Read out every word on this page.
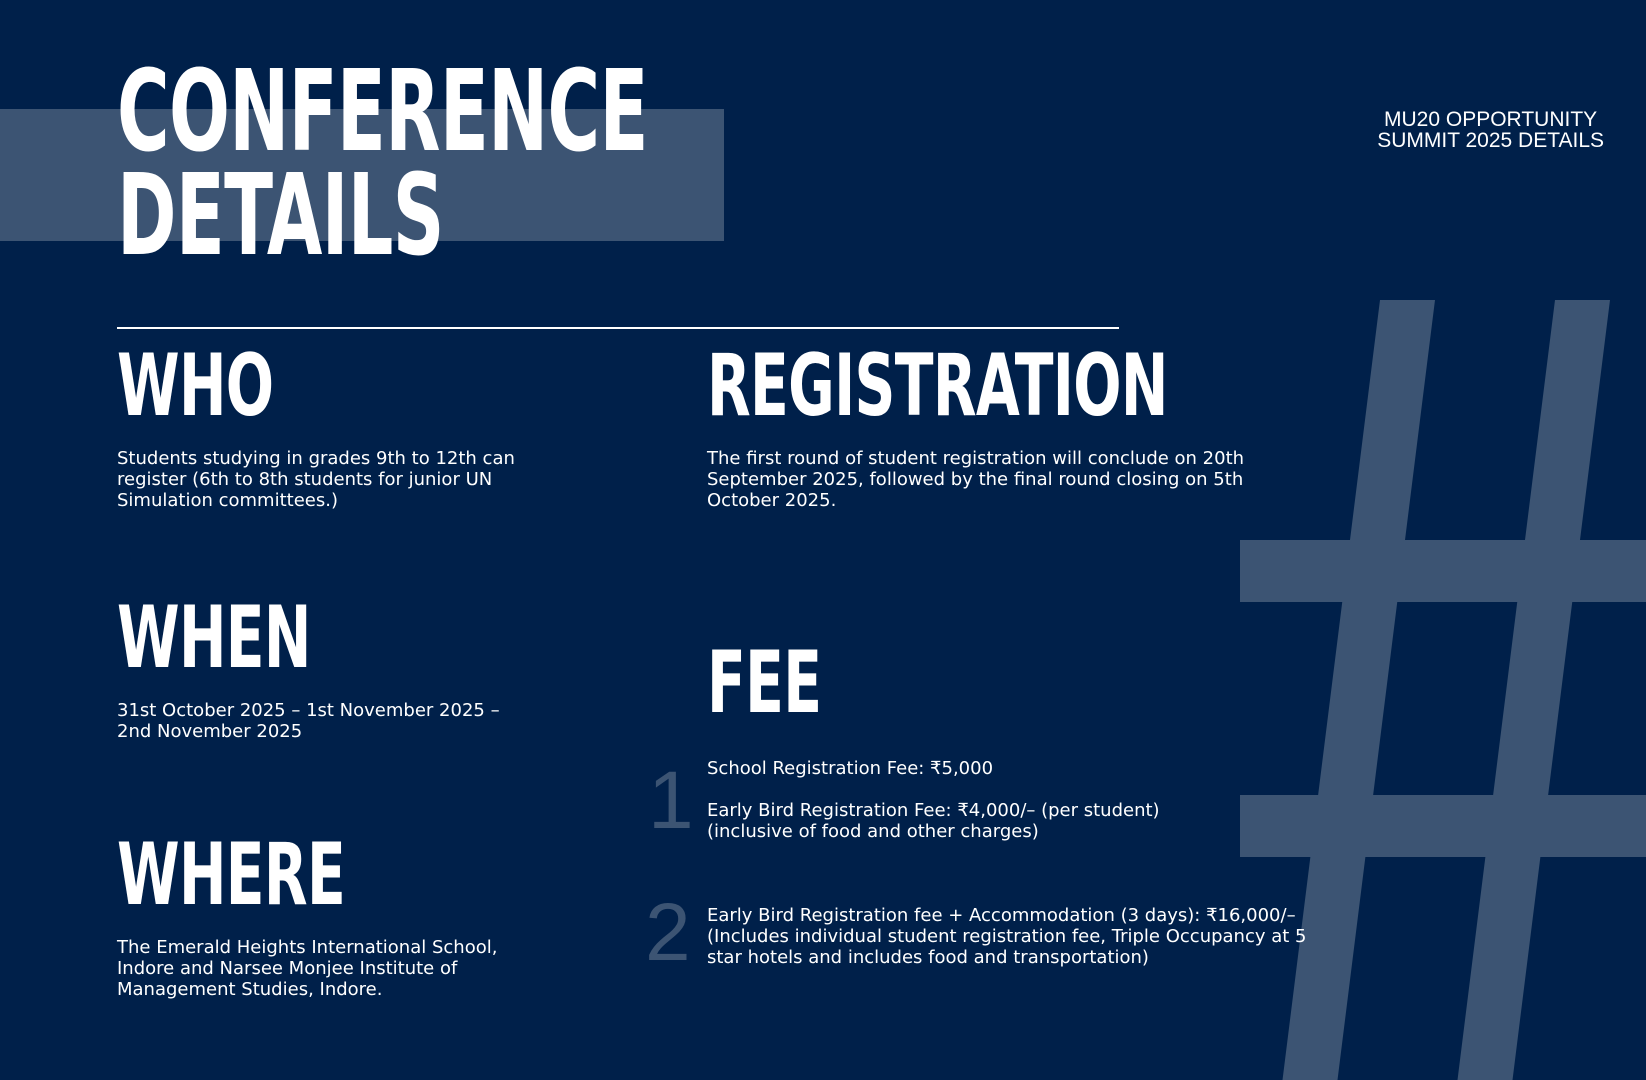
CONFERENCE
DETAILS
MU20 OPPORTUNITY
SUMMIT 2025 DETAILS
WHO

Students studying in grades 9th to 12th can
register (6th to 8th students for junior UN
Simulation committees.)

WHEN

31st October 2025 – 1st November 2025 –
2nd November 2025

WHERE

The Emerald Heights International School,
Indore and Narsee Monjee Institute of
Management Studies, Indore.

REGISTRATION

The first round of student registration will conclude on 20th
September 2025, followed by the final round closing on 5th
October 2025.

FEE
1
2
School Registration Fee: ₹5,000
Early Bird Registration Fee: ₹4,000/– (per student)
(inclusive of food and other charges)
Early Bird Registration fee + Accommodation (3 days): ₹16,000/–
(Includes individual student registration fee, Triple Occupancy at 5
star hotels and includes food and transportation)
